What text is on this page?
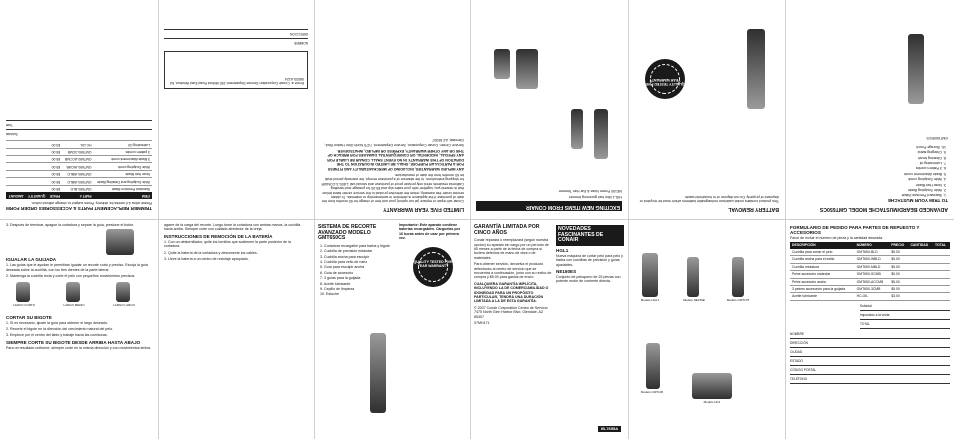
TRIMMER REPLACEMENT PARTS & ACCESSORIES ORDER FORM
Please allow 4-6 weeks for delivery. Prices subject to change without notice.
ITEM	PART #	PRICE	QUANTITY	AMOUNT
Standard Precision Blade	GMT650-BLD	$5.00		
Wide Sculpting and Detailing Blade	GMT650-WBLD	$5.00		
Nose Hair Blade	GMT650-WBLD	$5.00		
Wide Sculpting comb	GMT650-WCMB	$5.00		
3 Blade Attachment comb	GMT650-ACCMB	$5.00		
3 pattern combs	GMT650-3CMB	$5.00		
Lubricating Oil	HC-OIL	$3.00		
Subtotal
Total
Envíe a: Conair Corporation Service Department 150 Milford Road East Windsor, NJ 08520-6124
NOMBRE
DIRECCIÓN
LIMITED FIVE YEAR WARRANTY
Conair will repair or replace (at our option) your unit free of charge for 60 months from the date of purchase if the appliance is defective in workmanship or materials. To obtain service under this warranty, return the defective product to the service center listed below that is nearest you, together with your sales slip and $5.00 for postage and handling. California residents need only provide proof of purchase and should call 1-800-3-CONAIR for shipping instructions. In the absence of a purchase receipt, the warranty period shall be 60 months from the date of manufacture.
ANY IMPLIED WARRANTIES, INCLUDING OF MERCHANTABILITY AND FITNESS FOR A PARTICULAR PURPOSE, SHALL BE LIMITED IN DURATION TO THE DURATION OF THIS WARRANTY. IN NO EVENT SHALL CONAIR BE LIABLE FOR ANY SPECIAL, INCIDENTAL OR CONSEQUENTIAL DAMAGES FOR BREACH OF THIS OR ANY OTHER WARRANTY, EXPRESS OR IMPLIED, WHATSOEVER.
Service Center: Conair Corporation, Service Department, 7475 North Glen Harbor Blvd., Glendale, AZ 85307
EXCITING NEW ITEMS FROM CONAIR
HGL1 Mini hair grooming trimmer
NE150 Power Nose & Ear Hair Trimmer
BATTERY REMOVAL
This product contains nickel-cadmium rechargeable batteries which must be recycled or disposed of properly. Do not dispose of in household waste.
QUALITY TESTED FIVE YEAR WARRANTY
ADVANCED BEARD/MUSTACHE MODEL GMT650CS
TO TRIM YOUR MUSTACHE
1. Standard Precision Blade
2. Wide Sculpting Blade
3. Nose Hair Blade
4. Wide Sculpting comb
5. Blade Attachment comb
6. 3 Pattern combs
7. Lubricating oil
8. Cleaning brush
9. Charging stand
10. Storage Pouch
GMT650RCS
3. Después de terminar, apague la cortadora y separe la guía, presione el botón.
IGUALAR LA GUIJADA
1. Las guías que le ayudan le permitirán igualar un recorte corto y preciso. Escoja la guía deseada sobre la cuchilla, con los tres dientes de la parte lateral.
2. Mantenga la cuchilla recta y corte el pelo con pequeños movimientos precisos.
LARGO CORTO	LARGO MEDIO	LARGO LARGO
CORTAR SU BIGOTE
1. Si es necesario, ajuste la guía para obtener el largo deseado.
2. Recorte el bigote en la dirección del crecimiento natural del pelo.
3. Empiece por el centro del labio y trabaje hacia las comisuras.
SIEMPRE CORTE SU BIGOTE DESDE ARRIBA HASTA ABAJO
Para un resultado uniforme, siempre corte en la misma dirección y con movimientos lentos.
agarre de la carga del recorte. Luego tome la cortadora con ambas manos, la cuchilla hacia arriba. Siempre corte con cuidado alrededor de la oreja.
INSTRUCCIONES DE REMOCIÓN DE LA BATERÍA
1. Con un destornillador, quite los tornillos que sostienen la parte posterior de la cortadora.
2. Quite la batería de la cortadora y desconecte los cables.
3. Lleve la batería a un centro de reciclaje apropiado.
SISTEMA DE RECORTE AVANZADO MODELO GMT650CS
1. Cortadora recargable para barba y bigote
2. Cuchilla de precisión estándar
3. Cuchilla ancha para esculpir
4. Cuchilla para vello de nariz
5. Guía para esculpir ancha
6. Guía de accesorio
7. 3 guías para la guijada
8. Aceite lubricante
9. Cepillo de limpieza
10. Estuche
Importante: Este aparato contiene baterías recargables. Cárguelas por 16 horas antes de usar por primera vez.
QUALITY TESTED FIVE YEAR WARRANTY
GARANTÍA LIMITADA POR CINCO AÑOS
Conair reparará o reemplazará (según nuestra opción) su aparato sin cargo por un período de 60 meses a partir de la fecha de compra si tuviera defectos de mano de obra o de materiales.
Para obtener servicio, devuelva el producto defectuoso al centro de servicio que se encuentra a continuación, junto con su recibo de compra y $5.00 para gastos de envío.
CUALQUIERA GARANTÍA IMPLÍCITA, INCLUYENDO LA DE COMERCIABILIDAD O IDONEIDAD PARA UN PROPÓSITO PARTICULAR, TENDRÁ UNA DURACIÓN LIMITADA A LA DE ESTA GARANTÍA.
© 2007 Conair Corporation Centro de Servicio 7475 North Glen Harbor Blvd. Glendale, AZ 85307
07MH171
NOVEDADES FASCINANTES DE CONAIR
HGL1
Nueva máquina de cortar pelo para pelo y barba con cuchillas de precisión y guías ajustables.
NE150ES
Conjunto de peluquero de 25 piezas con potente motor de corriente directa.
IB-7655A
Modelo HGL1	Modelo NE150E	Modelo GMT175
Modelo GMT145
Modelo HC1
FORMULARIO DE PEDIDO PARA PARTES DE REPUESTO Y ACCESORIOS
Favor de incluir el número de pieza y la cantidad deseada.
DESCRIPCIÓN	NÚMERO	PRECIO	CANTIDAD	TOTAL
Cuchilla para cortar el pelo	GMT650-BLD	$5.00		
Cuchilla ancha para el estilo	GMT650-WBLD	$5.00		
Cuchilla miniatura	GMT650-MBLD	$5.00		
Peine accesorio estándar	GMT650-SCMB	$5.00		
Peine accesorio ancho	GMT650-ACCMB	$5.00		
3 peines accesorios para la guijada	GMT650-3CMB	$5.00		
Aceite lubricante	HC-OIL	$3.00		
Subtotal
Impuestos a la venta
TOTAL
NOMBRE
DIRECCIÓN
CIUDAD
ESTADO
CÓDIGO POSTAL
TELÉFONO
